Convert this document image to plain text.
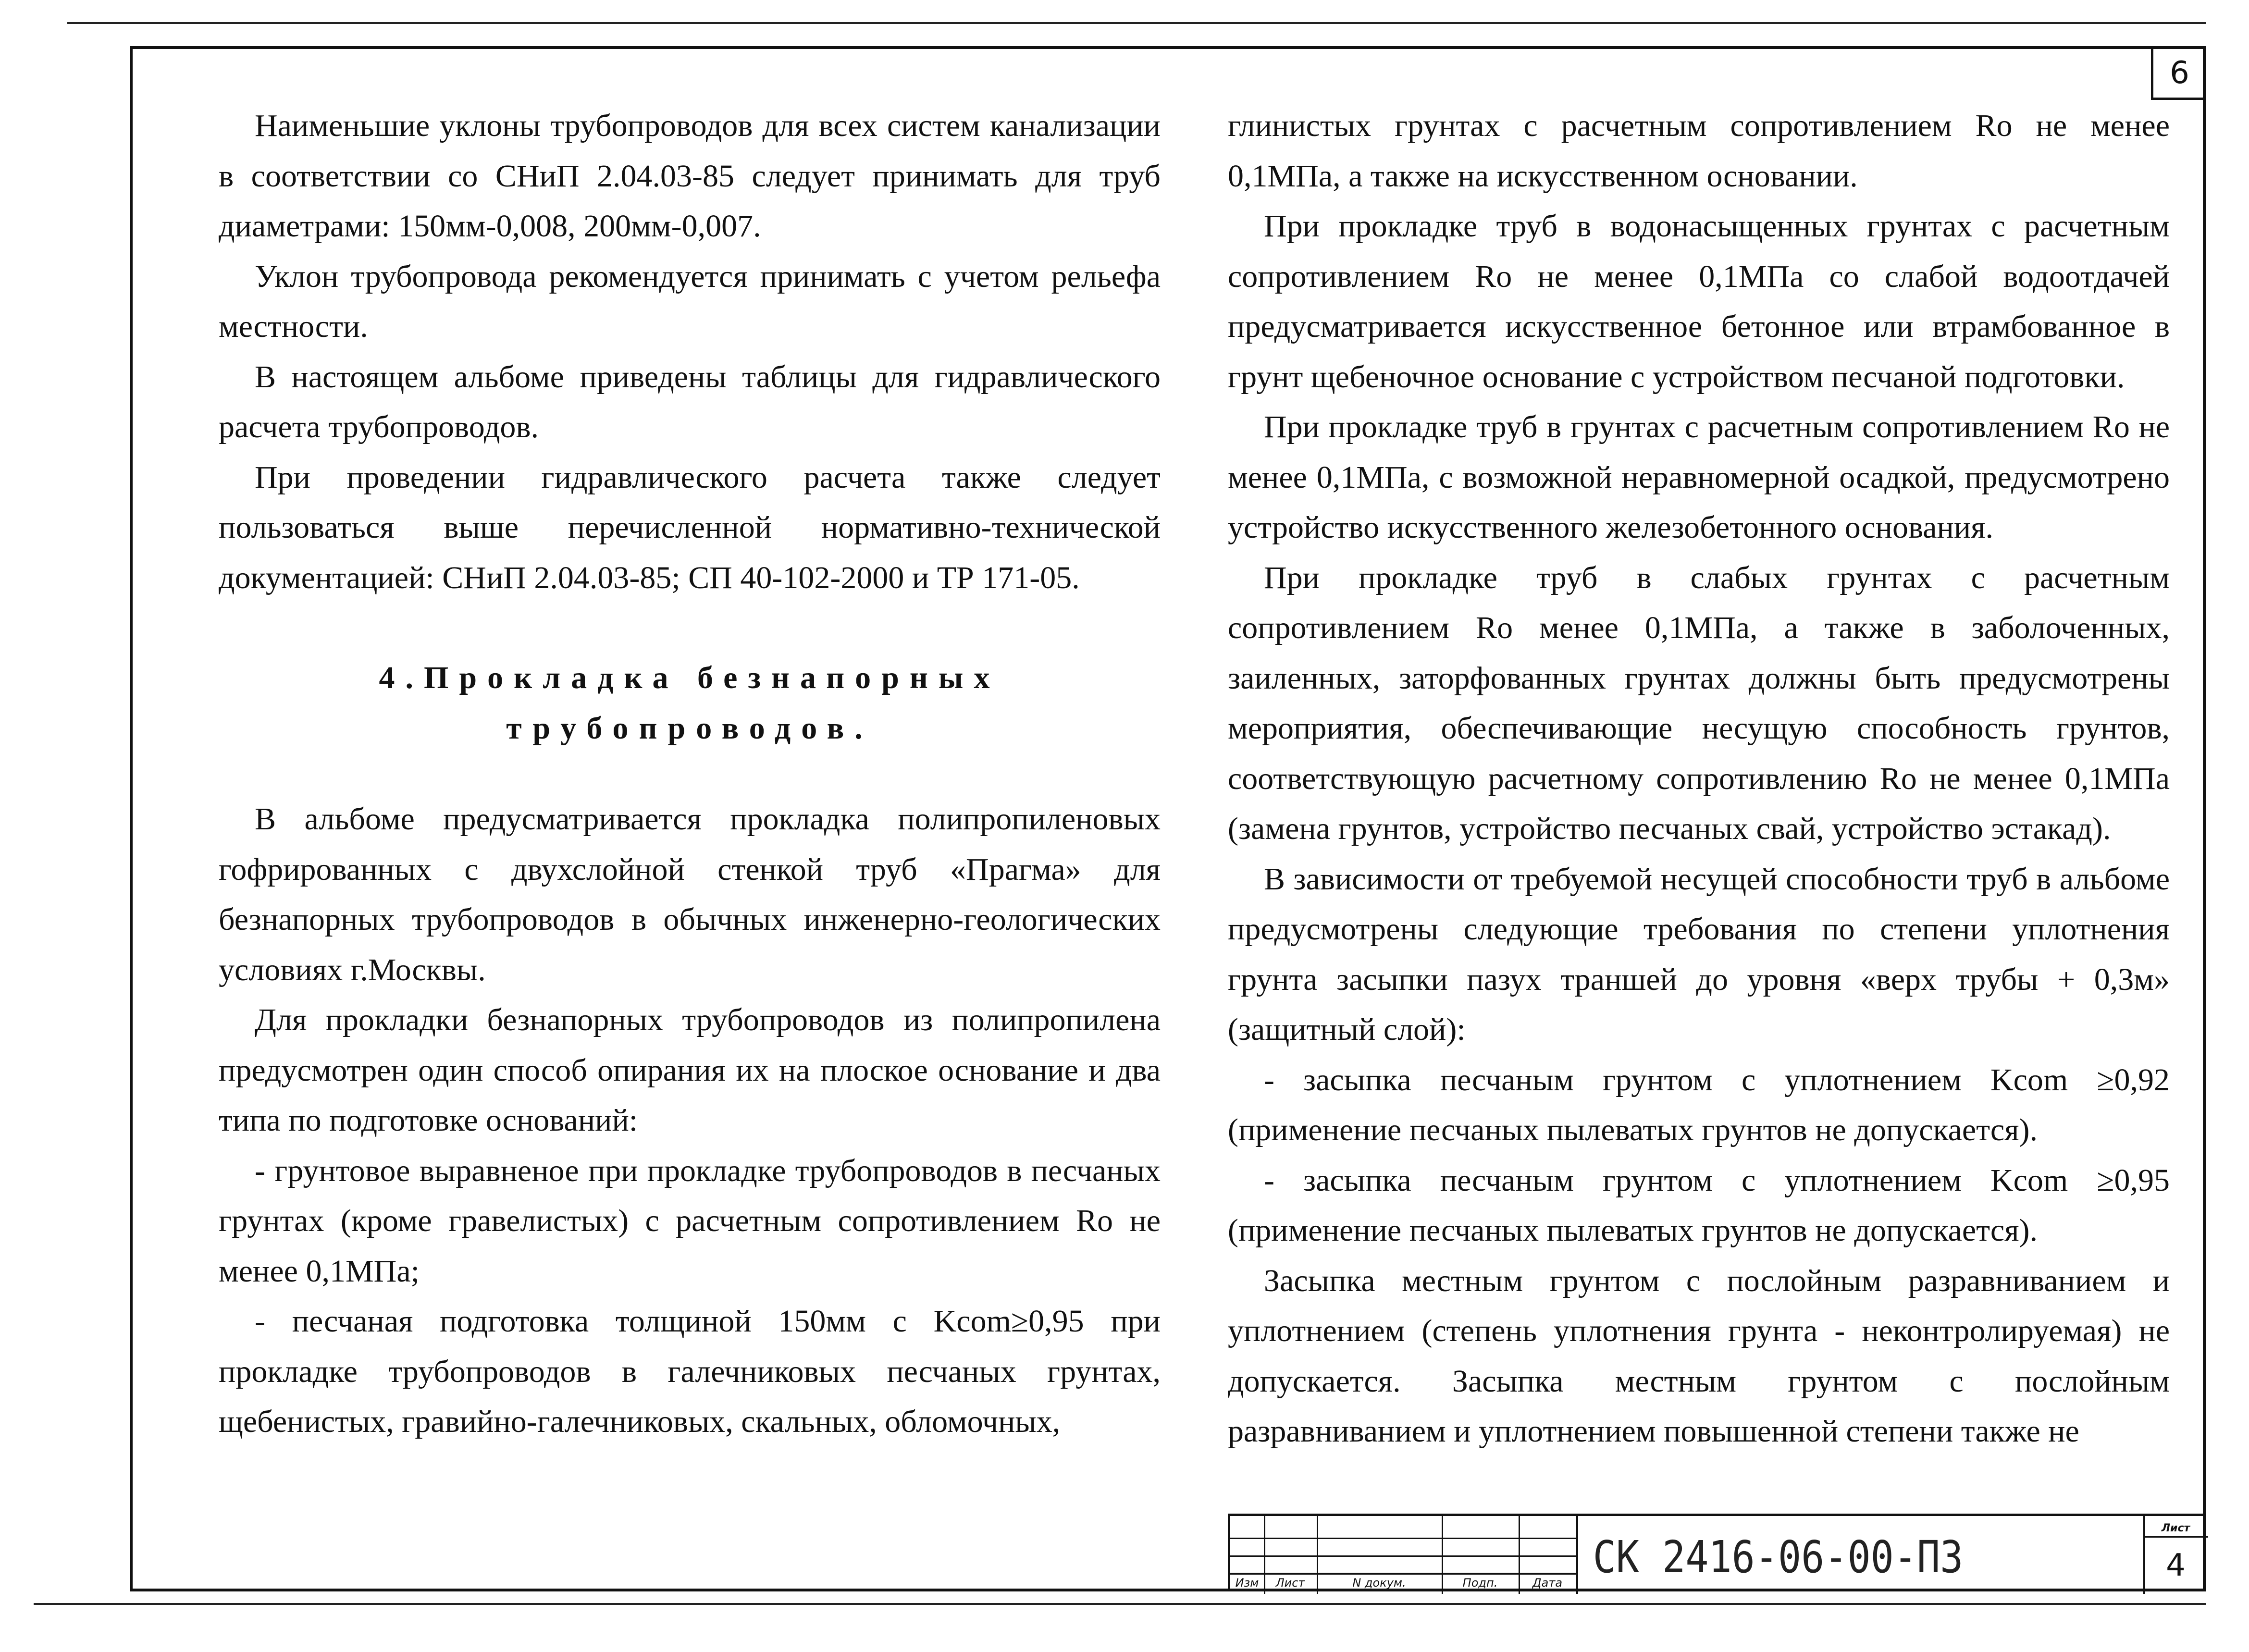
6

Наименьшие уклоны трубопроводов для всех систем канализации в соответствии со СНиП 2.04.03-85 следует принимать для труб диаметрами: 150мм-0,008, 200мм-0,007.

Уклон трубопровода рекомендуется принимать с учетом рельефа местности.

В настоящем альбоме приведены таблицы для гидравлического расчета трубопроводов.

При проведении гидравлического расчета также следует пользоваться выше перечисленной нормативно-технической документацией: СНиП 2.04.03-85; СП 40-102-2000 и ТР 171-05.

4.Прокладка безнапорных

трубопроводов.

В альбоме предусматривается прокладка полипропиленовых гофрированных с двухслойной стенкой труб «Прагма» для безнапорных трубопроводов в обычных инженерно-геологических условиях г.Москвы.

Для прокладки безнапорных трубопроводов из полипропилена предусмотрен один способ опирания их на плоское основание и два типа по подготовке оснований:

- грунтовое выравненое при прокладке трубопроводов в песчаных грунтах (кроме гравелистых) с расчетным сопротивлением Ro не менее 0,1МПа;

- песчаная подготовка толщиной 150мм с Kcom≥0,95 при прокладке трубопроводов в галечниковых песчаных грунтах, щебенистых, гравийно-галечниковых, скальных, обломочных,

глинистых грунтах с расчетным сопротивлением Ro не менее 0,1МПа, а также на искусственном основании.

При прокладке труб в водонасыщенных грунтах с расчетным сопротивлением Ro не менее 0,1МПа со слабой водоотдачей предусматривается искусственное бетонное или втрамбованное в грунт щебеночное основание с устройством песчаной подготовки.

При прокладке труб в грунтах с расчетным сопротивлением Ro не менее 0,1МПа, с возможной неравномерной осадкой, предусмотрено устройство искусственного железобетонного основания.

При прокладке труб в слабых грунтах с расчетным сопротивлением Ro менее 0,1МПа, а также в заболоченных, заиленных, заторфованных грунтах должны быть предусмотрены мероприятия, обеспечивающие несущую способность грунтов, соответствующую расчетному сопротивлению Ro не менее 0,1МПа (замена грунтов, устройство песчаных свай, устройство эстакад).

В зависимости от требуемой несущей способности труб в альбоме предусмотрены следующие требования по степени уплотнения грунта засыпки пазух траншей до уровня «верх трубы + 0,3м» (защитный слой):

- засыпка песчаным грунтом с уплотнением Kcom ≥0,92 (применение песчаных пылеватых грунтов не допускается).

- засыпка песчаным грунтом с уплотнением Kcom ≥0,95 (применение песчаных пылеватых грунтов не допускается).

Засыпка местным грунтом с послойным разравниванием и уплотнением (степень уплотнения грунта - неконтролируемая) не допускается. Засыпка местным грунтом с послойным разравниванием и уплотнением повышенной степени также не

Изм	Лист	N докум.	Подп.	Дата
СК 2416-06-00-ПЗ
Лист
4
